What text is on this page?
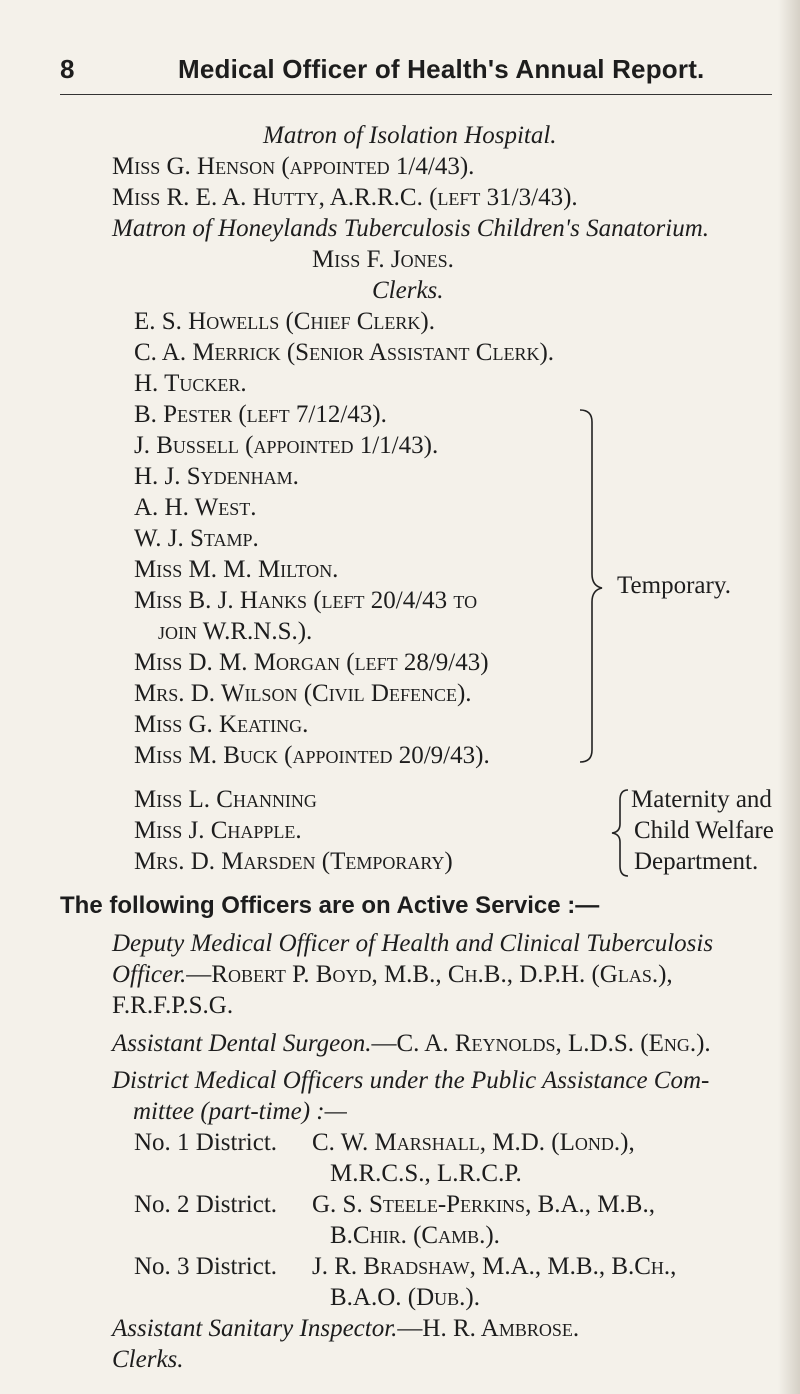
8	Medical Officer of Health's Annual Report.
Matron of Isolation Hospital.
Miss G. Henson (appointed 1/4/43).
Miss R. E. A. Hutty, A.R.R.C. (left 31/3/43).
Matron of Honeylands Tuberculosis Children's Sanatorium.
Miss F. Jones.
Clerks.
E. S. Howells (Chief Clerk).
C. A. Merrick (Senior Assistant Clerk).
H. Tucker.
B. Pester (left 7/12/43).
J. Bussell (appointed 1/1/43).
H. J. Sydenham.
A. H. West.
W. J. Stamp.
Miss M. M. Milton.
Miss B. J. Hanks (left 20/4/43 to
join W.R.N.S.).
Miss D. M. Morgan (left 28/9/43)
Mrs. D. Wilson (Civil Defence).
Miss G. Keating.
Miss M. Buck (appointed 20/9/43).
Temporary.
Miss L. Channing
Miss J. Chapple.
Mrs. D. Marsden (Temporary)
Maternity and
Child Welfare
Department.
The following Officers are on Active Service :—
Deputy Medical Officer of Health and Clinical Tuberculosis
Officer.—Robert P. Boyd, M.B., Ch.B., D.P.H. (Glas.),
F.R.F.P.S.G.
Assistant Dental Surgeon.—C. A. Reynolds, L.D.S. (Eng.).
District Medical Officers under the Public Assistance Com-
mittee (part-time) :—
No. 1 District. C. W. Marshall, M.D. (Lond.),
M.R.C.S., L.R.C.P.
No. 2 District. G. S. Steele-Perkins, B.A., M.B.,
B.Chir. (Camb.).
No. 3 District. J. R. Bradshaw, M.A., M.B., B.Ch.,
B.A.O. (Dub.).
Assistant Sanitary Inspector.—H. R. Ambrose.
Clerks.
